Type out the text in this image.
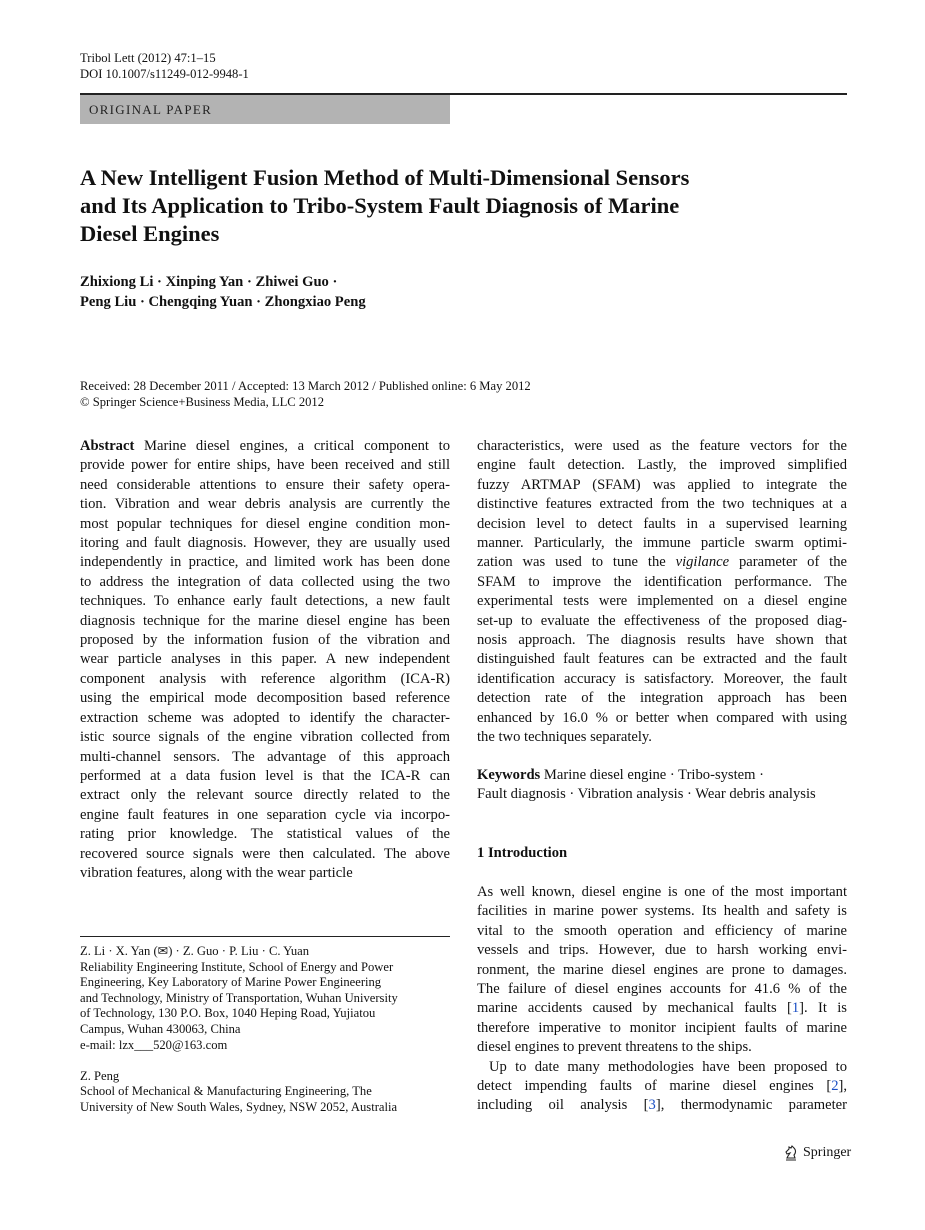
Tribol Lett (2012) 47:1–15
DOI 10.1007/s11249-012-9948-1
ORIGINAL PAPER
A New Intelligent Fusion Method of Multi-Dimensional Sensors
and Its Application to Tribo-System Fault Diagnosis of Marine
Diesel Engines
Zhixiong Li · Xinping Yan · Zhiwei Guo ·
Peng Liu · Chengqing Yuan · Zhongxiao Peng
Received: 28 December 2011 / Accepted: 13 March 2012 / Published online: 6 May 2012
© Springer Science+Business Media, LLC 2012
Abstract Marine diesel engines, a critical component to
provide power for entire ships, have been received and still
need considerable attentions to ensure their safety opera-
tion. Vibration and wear debris analysis are currently the
most popular techniques for diesel engine condition mon-
itoring and fault diagnosis. However, they are usually used
independently in practice, and limited work has been done
to address the integration of data collected using the two
techniques. To enhance early fault detections, a new fault
diagnosis technique for the marine diesel engine has been
proposed by the information fusion of the vibration and
wear particle analyses in this paper. A new independent
component analysis with reference algorithm (ICA-R)
using the empirical mode decomposition based reference
extraction scheme was adopted to identify the character-
istic source signals of the engine vibration collected from
multi-channel sensors. The advantage of this approach
performed at a data fusion level is that the ICA-R can
extract only the relevant source directly related to the
engine fault features in one separation cycle via incorpo-
rating prior knowledge. The statistical values of the
recovered source signals were then calculated. The above
vibration features, along with the wear particle
characteristics, were used as the feature vectors for the
engine fault detection. Lastly, the improved simplified
fuzzy ARTMAP (SFAM) was applied to integrate the
distinctive features extracted from the two techniques at a
decision level to detect faults in a supervised learning
manner. Particularly, the immune particle swarm optimi-
zation was used to tune the vigilance parameter of the
SFAM to improve the identification performance. The
experimental tests were implemented on a diesel engine
set-up to evaluate the effectiveness of the proposed diag-
nosis approach. The diagnosis results have shown that
distinguished fault features can be extracted and the fault
identification accuracy is satisfactory. Moreover, the fault
detection rate of the integration approach has been
enhanced by 16.0 % or better when compared with using
the two techniques separately.
Keywords Marine diesel engine · Tribo-system ·
Fault diagnosis · Vibration analysis · Wear debris analysis
1 Introduction
As well known, diesel engine is one of the most important
facilities in marine power systems. Its health and safety is
vital to the smooth operation and efficiency of marine
vessels and trips. However, due to harsh working envi-
ronment, the marine diesel engines are prone to damages.
The failure of diesel engines accounts for 41.6 % of the
marine accidents caused by mechanical faults [1]. It is
therefore imperative to monitor incipient faults of marine
diesel engines to prevent threatens to the ships.
Up to date many methodologies have been proposed to
detect impending faults of marine diesel engines [2],
including oil analysis [3], thermodynamic parameter
Z. Li · X. Yan (✉) · Z. Guo · P. Liu · C. Yuan
Reliability Engineering Institute, School of Energy and Power
Engineering, Key Laboratory of Marine Power Engineering
and Technology, Ministry of Transportation, Wuhan University
of Technology, 130 P.O. Box, 1040 Heping Road, Yujiatou
Campus, Wuhan 430063, China
e-mail: lzx___520@163.com
Z. Peng
School of Mechanical & Manufacturing Engineering, The
University of New South Wales, Sydney, NSW 2052, Australia
Springer
